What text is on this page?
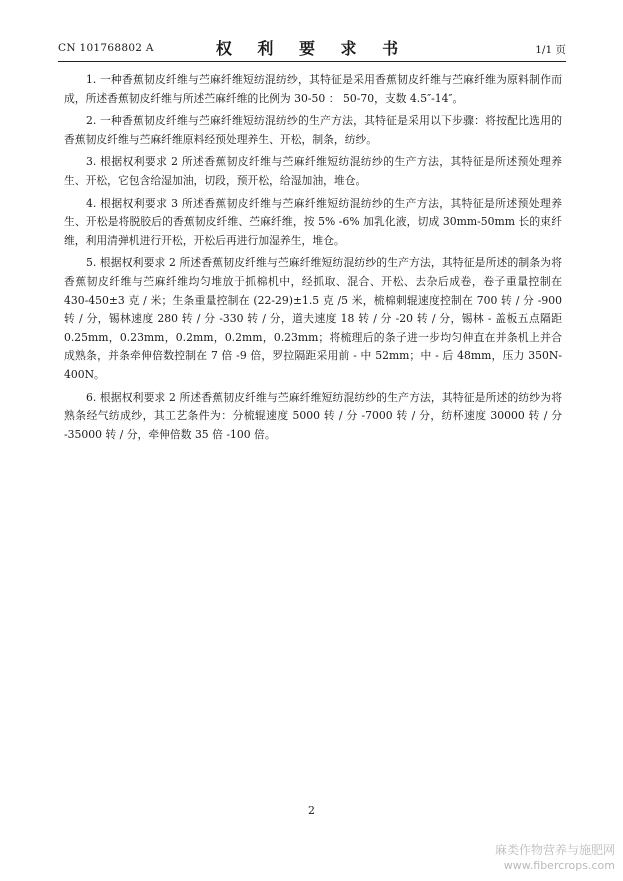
CN 101768802 A	权 利 要 求 书	1/1 页

1. 一种香蕉韧皮纤维与苎麻纤维短纺混纺纱，其特征是采用香蕉韧皮纤维与苎麻纤维为原料制作而成，所述香蕉韧皮纤维与所述苎麻纤维的比例为 30-50 ： 50-70，支数 4.5″-14″。

2. 一种香蕉韧皮纤维与苎麻纤维短纺混纺纱的生产方法，其特征是采用以下步骤：将按配比选用的香蕉韧皮纤维与苎麻纤维原料经预处理养生、开松，制条，纺纱。

3. 根据权利要求 2 所述香蕉韧皮纤维与苎麻纤维短纺混纺纱的生产方法，其特征是所述预处理养生、开松，它包含给湿加油，切段，预开松，给湿加油，堆仓。

4. 根据权利要求 3 所述香蕉韧皮纤维与苎麻纤维短纺混纺纱的生产方法，其特征是所述预处理养生、开松是将脱胶后的香蕉韧皮纤维、苎麻纤维，按 5% -6% 加乳化液，切成 30mm-50mm 长的束纤维，利用清弹机进行开松，开松后再进行加湿养生，堆仓。

5. 根据权利要求 2 所述香蕉韧皮纤维与苎麻纤维短纺混纺纱的生产方法，其特征是所述的制条为将香蕉韧皮纤维与苎麻纤维均匀堆放于抓棉机中，经抓取、混合、开松、去杂后成卷，卷子重量控制在 430-450±3 克 / 米；生条重量控制在 (22-29)±1.5 克 /5 米，梳棉刺辊速度控制在 700 转 / 分 -900 转 / 分，锡林速度 280 转 / 分 -330 转 / 分，道夫速度 18 转 / 分 -20 转 / 分，锡林 - 盖板五点隔距 0.25mm，0.23mm，0.2mm，0.2mm，0.23mm；将梳理后的条子进一步均匀伸直在并条机上并合成熟条，并条牵伸倍数控制在 7 倍 -9 倍，罗拉隔距采用前 - 中 52mm；中 - 后 48mm，压力 350N-400N。

6. 根据权利要求 2 所述香蕉韧皮纤维与苎麻纤维短纺混纺纱的生产方法，其特征是所述的纺纱为将熟条经气纺成纱，其工艺条件为：分梳辊速度 5000 转 / 分 -7000 转 / 分，纺杯速度 30000 转 / 分 -35000 转 / 分，牵伸倍数 35 倍 -100 倍。

2
麻类作物营养与施肥网
www.fibercrops.com
